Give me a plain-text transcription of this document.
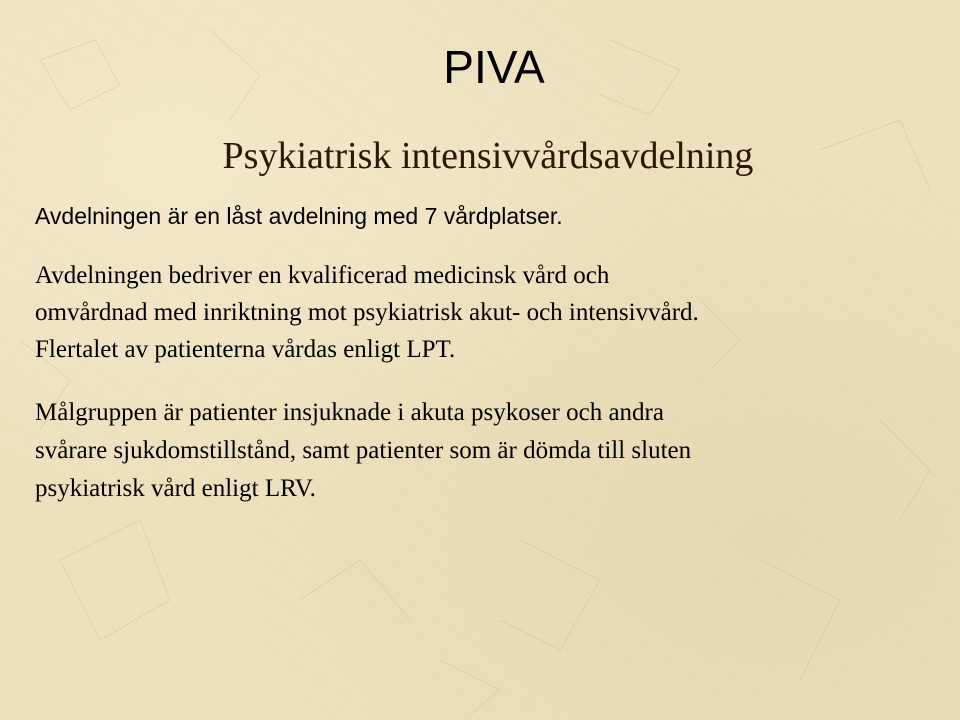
PIVA
Psykiatrisk intensivvårdsavdelning

Avdelningen är en låst avdelning med 7 vårdplatser.

Avdelningen bedriver en kvalificerad medicinsk vård och
omvårdnad med inriktning mot psykiatrisk akut- och intensivvård.
Flertalet av patienterna vårdas enligt LPT.

Målgruppen är patienter insjuknade i akuta psykoser och andra
svårare sjukdomstillstånd, samt patienter som är dömda till sluten
psykiatrisk vård enligt LRV.
